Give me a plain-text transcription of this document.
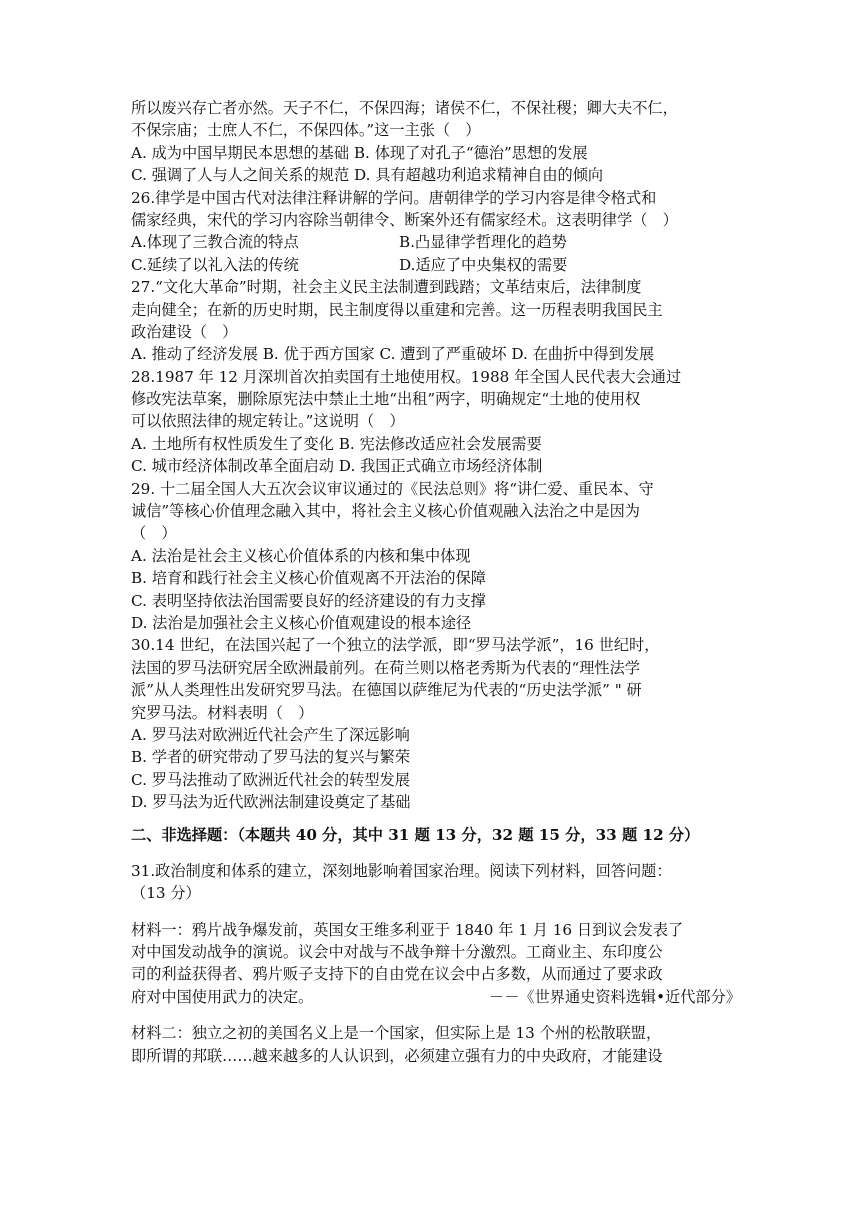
所以废兴存亡者亦然。天子不仁，不保四海；诸侯不仁，不保社稷；卿大夫不仁，
不保宗庙；士庶人不仁，不保四体。”这一主张（　）
A. 成为中国早期民本思想的基础 B. 体现了对孔子“德治”思想的发展
C. 强调了人与人之间关系的规范 D. 具有超越功利追求精神自由的倾向
26.律学是中国古代对法律注释讲解的学问。唐朝律学的学习内容是律令格式和
儒家经典，宋代的学习内容除当朝律令、断案外还有儒家经术。这表明律学（　）
A.体现了三教合流的特点	B.凸显律学哲理化的趋势
C.延续了以礼入法的传统	D.适应了中央集权的需要
27.“文化大革命”时期，社会主义民主法制遭到践踏；文革结束后，法律制度
走向健全；在新的历史时期，民主制度得以重建和完善。这一历程表明我国民主
政治建设（　）
A. 推动了经济发展 B. 优于西方国家 C. 遭到了严重破坏 D. 在曲折中得到发展
28.1987 年 12 月深圳首次拍卖国有土地使用权。1988 年全国人民代表大会通过
修改宪法草案，删除原宪法中禁止土地“出租”两字，明确规定“土地的使用权
可以依照法律的规定转让。”这说明（　）
A. 土地所有权性质发生了变化 B. 宪法修改适应社会发展需要
C. 城市经济体制改革全面启动 D. 我国正式确立市场经济体制
29. 十二届全国人大五次会议审议通过的《民法总则》将“讲仁爱、重民本、守
诚信”等核心价值理念融入其中，将社会主义核心价值观融入法治之中是因为
（　）
A. 法治是社会主义核心价值体系的内核和集中体现
B. 培育和践行社会主义核心价值观离不开法治的保障
C. 表明坚持依法治国需要良好的经济建设的有力支撑
D. 法治是加强社会主义核心价值观建设的根本途径
30.14 世纪，在法国兴起了一个独立的法学派，即“罗马法学派”，16 世纪时，
法国的罗马法研究居全欧洲最前列。在荷兰则以格老秀斯为代表的“理性法学
派”从人类理性出发研究罗马法。在德国以萨维尼为代表的“历史法学派” " 研
究罗马法。材料表明（　）
A. 罗马法对欧洲近代社会产生了深远影响
B. 学者的研究带动了罗马法的复兴与繁荣
C. 罗马法推动了欧洲近代社会的转型发展
D. 罗马法为近代欧洲法制建设奠定了基础
二、非选择题：（本题共 40 分，其中 31 题 13 分，32 题 15 分，33 题 12 分）
31.政治制度和体系的建立，深刻地影响着国家治理。阅读下列材料，回答问题：
（13 分）
材料一：鸦片战争爆发前，英国女王维多利亚于 1840 年 1 月 16 日到议会发表了
对中国发动战争的演说。议会中对战与不战争辩十分激烈。工商业主、东印度公
司的利益获得者、鸦片贩子支持下的自由党在议会中占多数，从而通过了要求政
府对中国使用武力的决定。	－－《世界通史资料选辑•近代部分》
材料二：独立之初的美国名义上是一个国家，但实际上是 13 个州的松散联盟，
即所谓的邦联……越来越多的人认识到，必须建立强有力的中央政府，才能建设
